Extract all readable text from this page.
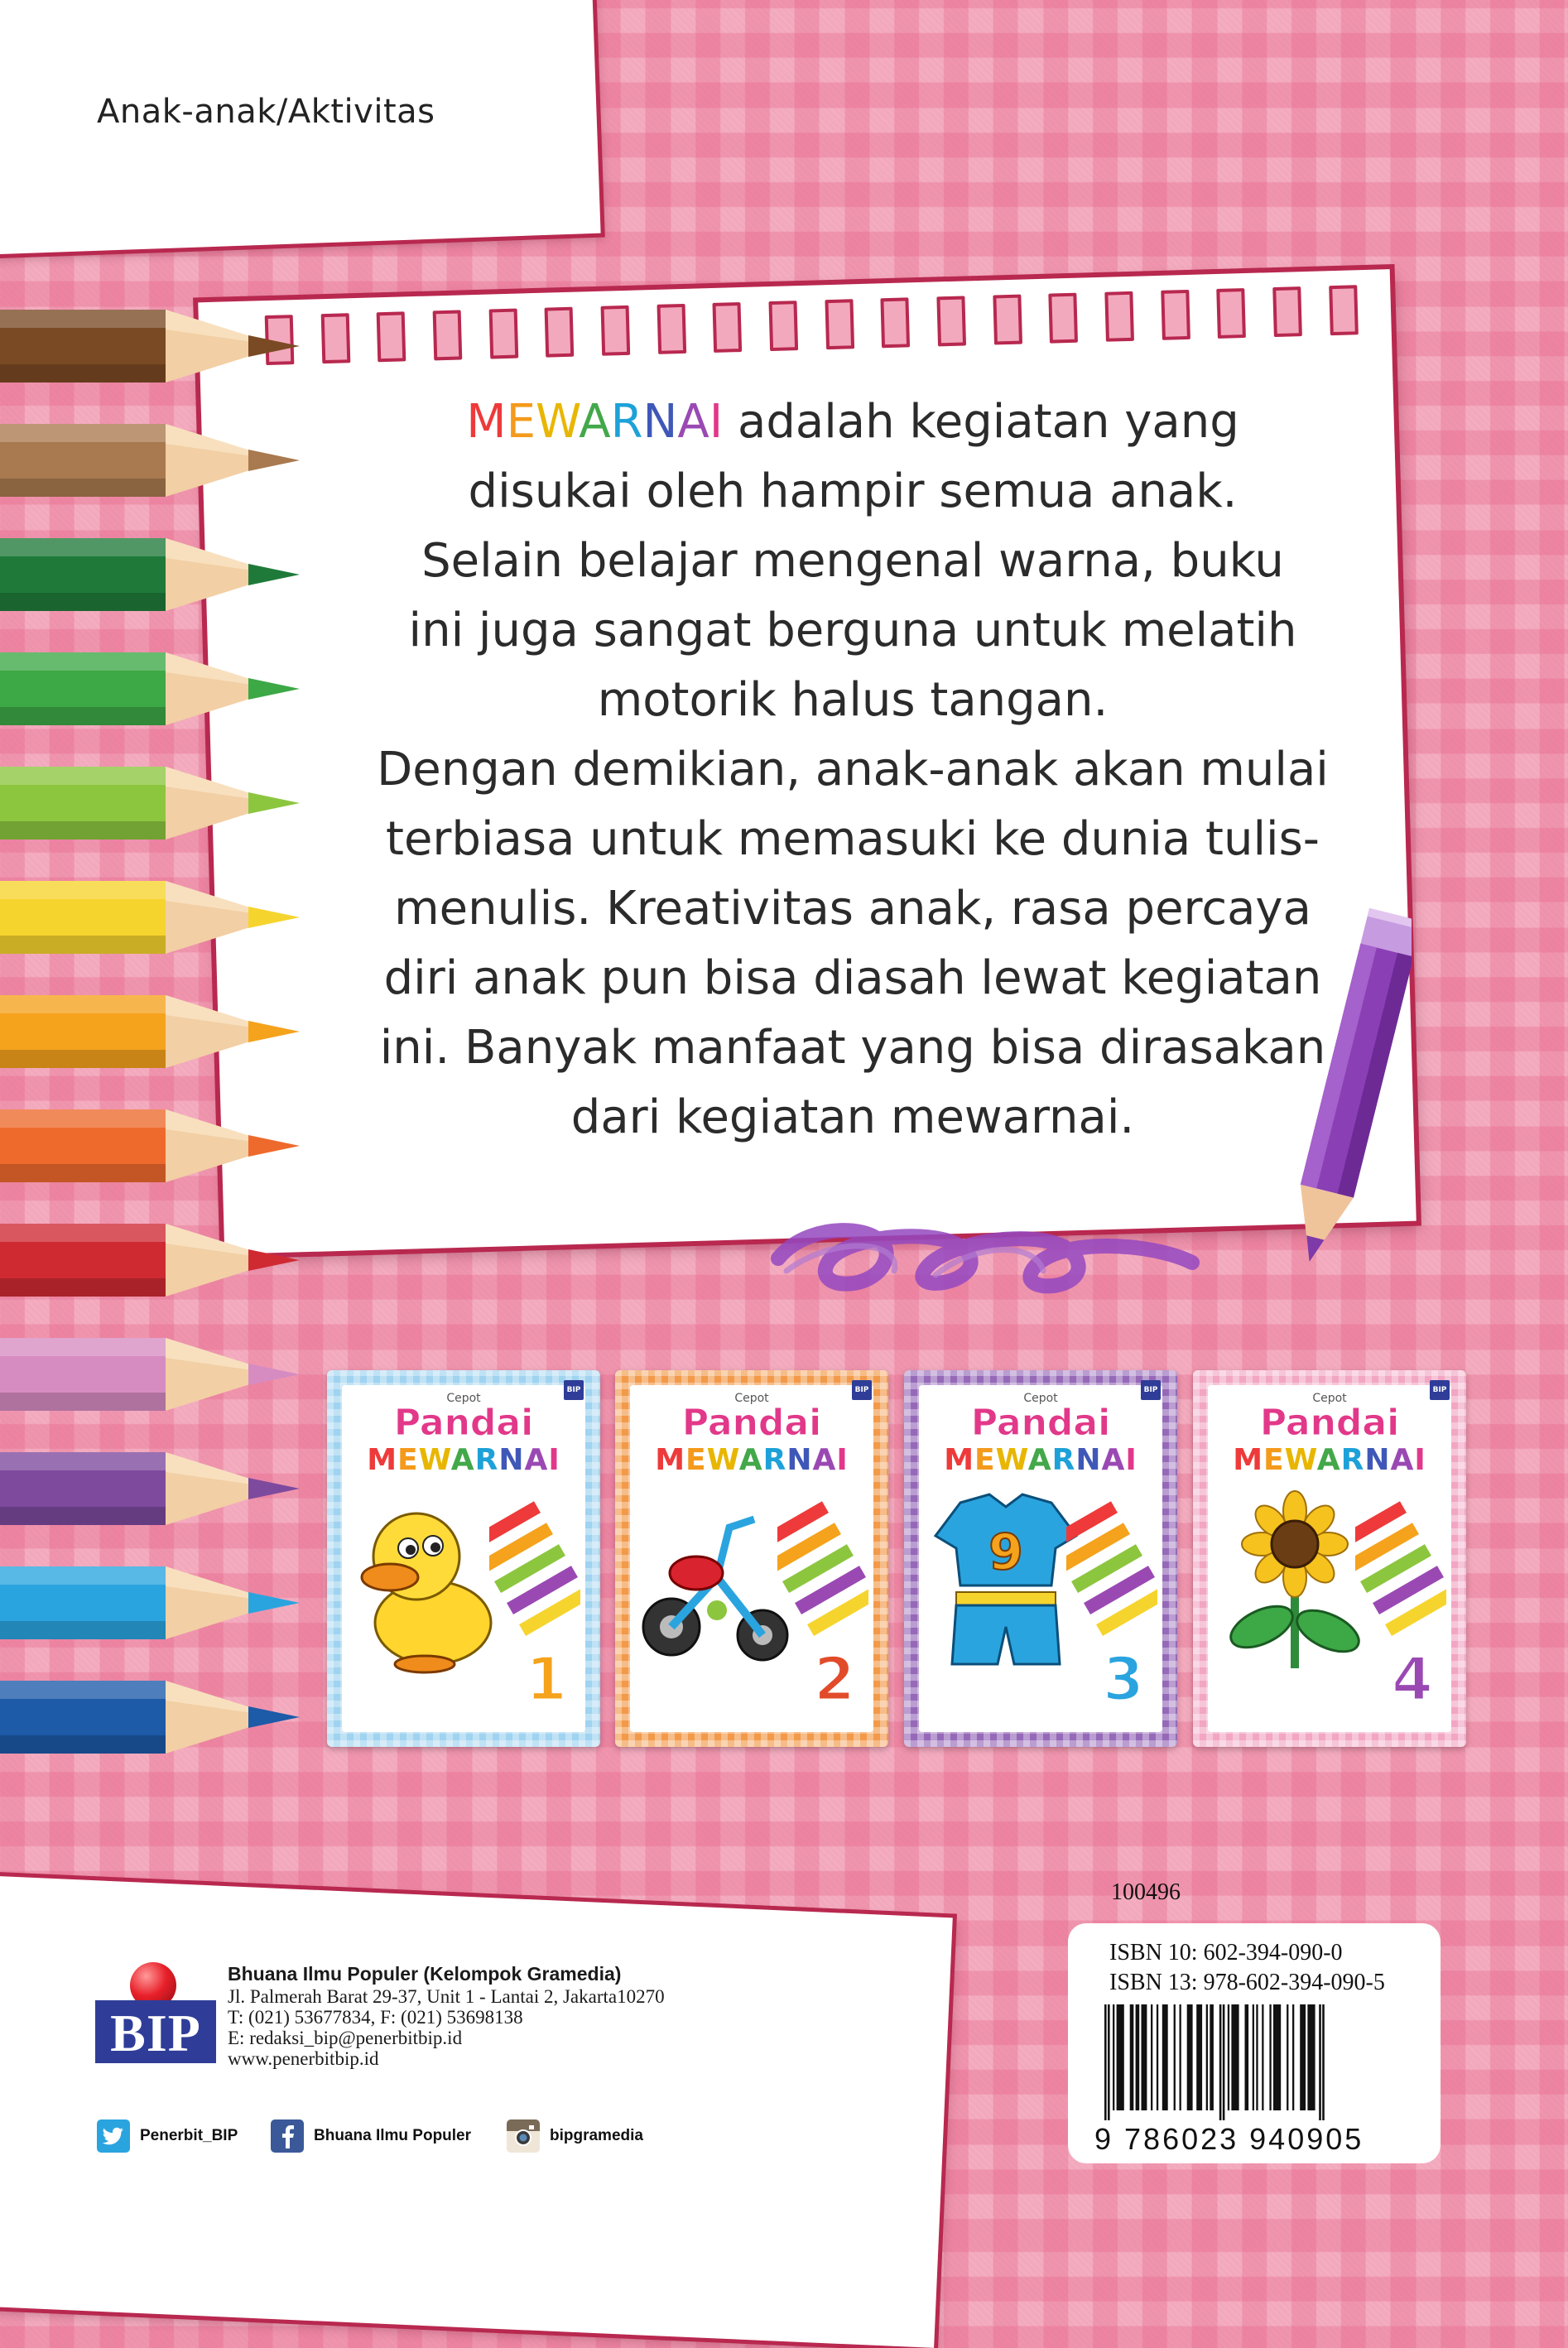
Anak-anak/Aktivitas
MEWARNAI adalah kegiatan yang
disukai oleh hampir semua anak.
Selain belajar mengenal warna, buku
ini juga sangat berguna untuk melatih
motorik halus tangan.
Dengan demikian, anak-anak akan mulai
terbiasa untuk memasuki ke dunia tulis-
menulis. Kreativitas anak, rasa percaya
diri anak pun bisa diasah lewat kegiatan
ini. Banyak manfaat yang bisa dirasakan
dari kegiatan mewarnai.
BIP
Cepot
Pandai
MEWARNAI
1
BIP
Cepot
Pandai
MEWARNAI
2
BIP
Cepot
Pandai
MEWARNAI
9
3
BIP
Cepot
Pandai
MEWARNAI
4
100496
ISBN 10: 602-394-090-0
ISBN 13: 978-602-394-090-5
9 786023 940905
BIP
Bhuana Ilmu Populer (Kelompok Gramedia)
Jl. Palmerah Barat 29-37, Unit 1 - Lantai 2, Jakarta10270
T: (021) 53677834, F: (021) 53698138
E: redaksi_bip@penerbitbip.id
www.penerbitbip.id
Penerbit_BIP	Bhuana Ilmu Populer	bipgramedia
